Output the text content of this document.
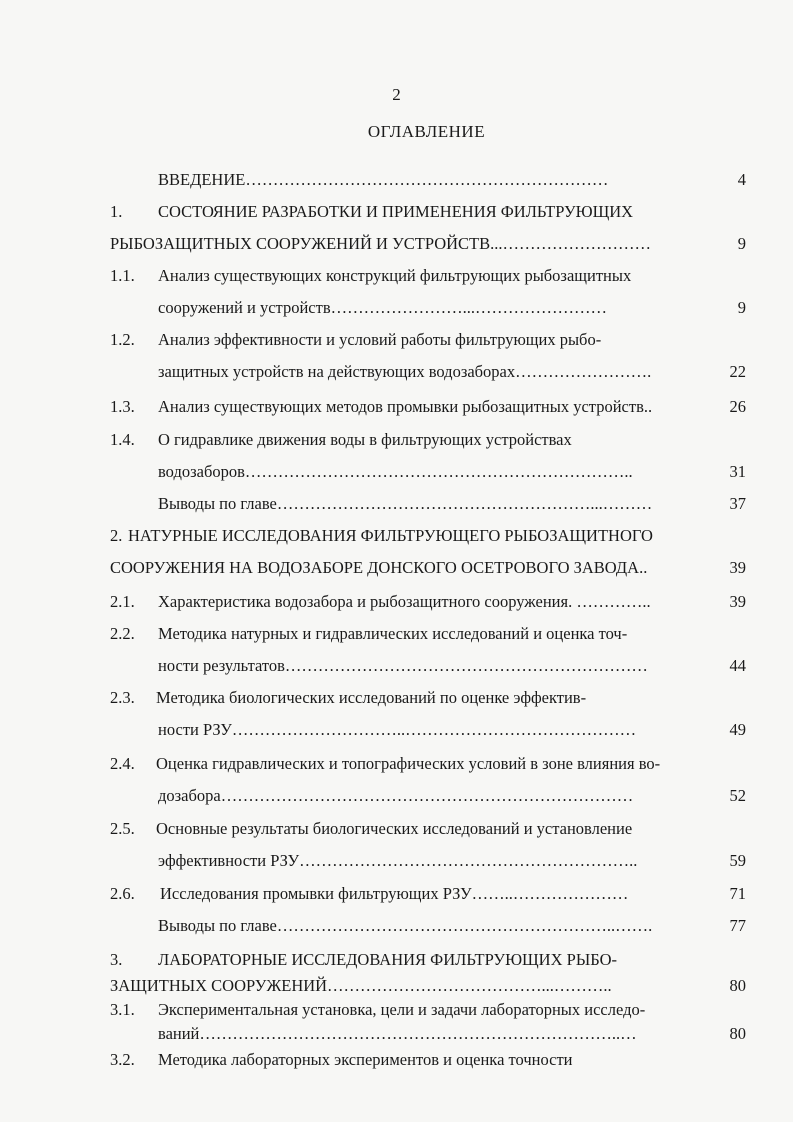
2
ОГЛАВЛЕНИЕ
ВВЕДЕНИЕ…………………………………………………………	4
1. СОСТОЯНИЕ РАЗРАБОТКИ И ПРИМЕНЕНИЯ ФИЛЬТРУЮЩИХ
РЫБОЗАЩИТНЫХ СООРУЖЕНИЙ И УСТРОЙСТВ...………………………	9
1.1. Анализ существующих конструкций фильтрующих рыбозащитных
сооружений и устройств……………………...……………………	9
1.2. Анализ эффективности и условий работы фильтрующих рыбо-
защитных устройств на действующих водозаборах…………………….	22
1.3. Анализ существующих методов промывки рыбозащитных устройств..	26
1.4. О гидравлике движения воды в фильтрующих устройствах
водозаборов……………………………………………………………..	31
Выводы по главе…………………………………………………...………	37
2. НАТУРНЫЕ ИССЛЕДОВАНИЯ ФИЛЬТРУЮЩЕГО РЫБОЗАЩИТНОГО
СООРУЖЕНИЯ НА ВОДОЗАБОРЕ ДОНСКОГО ОСЕТРОВОГО ЗАВОДА..	39
2.1. Характеристика водозабора и рыбозащитного сооружения. …………..	39
2.2. Методика натурных и гидравлических исследований и оценка точ-
ности результатов…………………………………………………………	44
2.3. Методика биологических исследований по оценке эффектив-
ности РЗУ…………………………..……………………………………	49
2.4. Оценка гидравлических и топографических условий в зоне влияния во-
дозабора…………………………………………………………………	52
2.5. Основные результаты биологических исследований и установление
эффективности РЗУ……………………………………………………..	59
2.6. Исследования промывки фильтрующих РЗУ……..…………………	71
Выводы по главе……………………………………………………..…….	77
3. ЛАБОРАТОРНЫЕ ИССЛЕДОВАНИЯ ФИЛЬТРУЮЩИХ РЫБО-
ЗАЩИТНЫХ СООРУЖЕНИЙ…………………………………...………..	80
3.1. Экспериментальная установка, цели и задачи лабораторных исследо-
ваний…………………………………………………………………..…	80
3.2. Методика лабораторных экспериментов и оценка точности
